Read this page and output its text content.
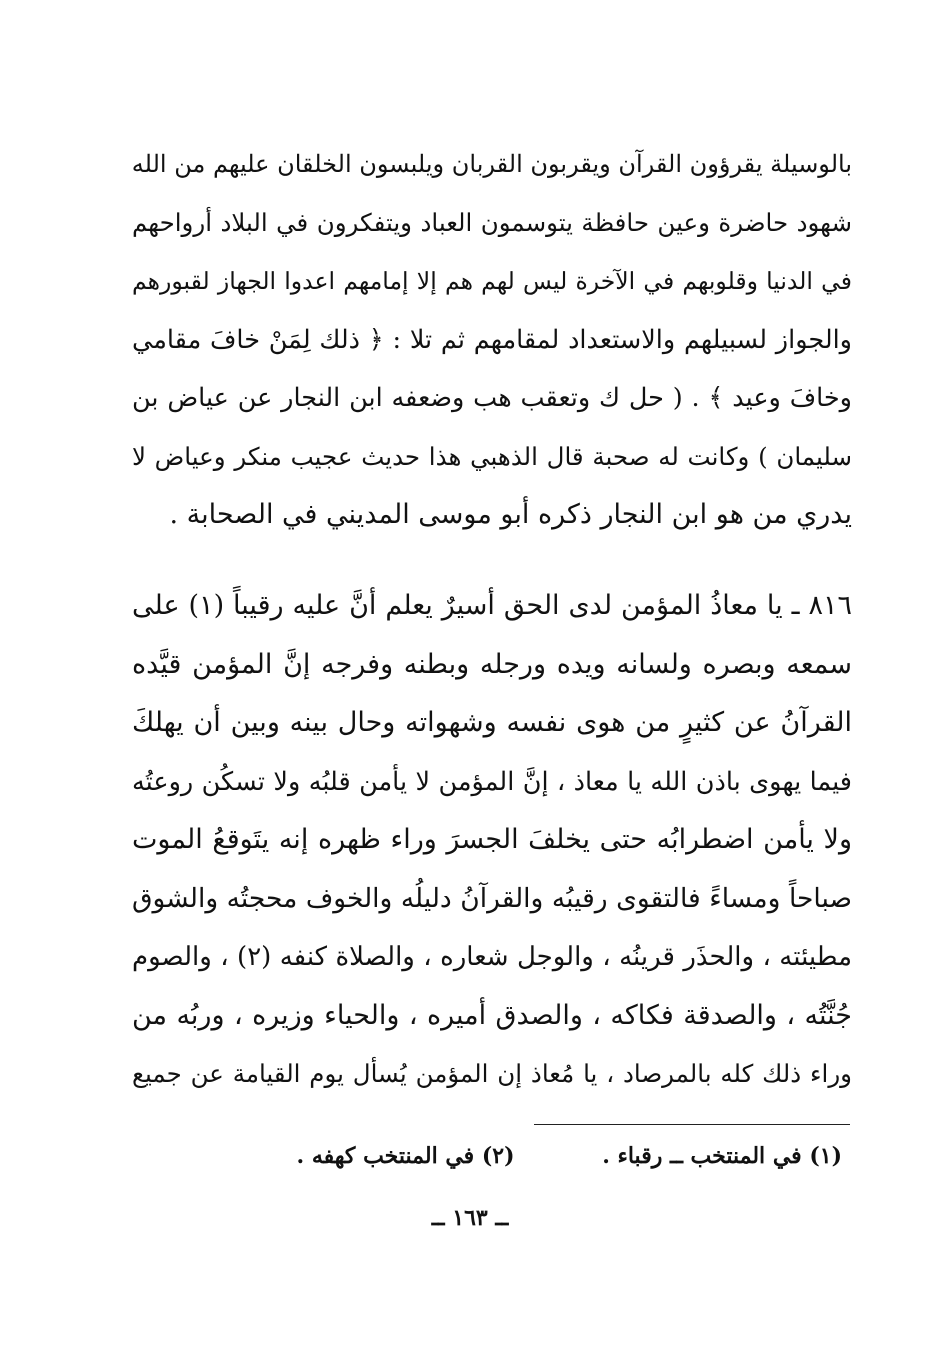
بالوسيلة يقرؤون القرآن ويقربون القربان ويلبسون الخلقان عليهم من الله
شهود حاضرة وعين حافظة يتوسمون العباد ويتفكرون في البلاد أرواحهم
في الدنيا وقلوبهم في الآخرة ليس لهم هم إلا إمامهم اعدوا الجهاز لقبورهم
والجواز لسبيلهم والاستعداد لمقامهم ثم تلا : ﴿ ذلك لِمَنْ خافَ مقامي
وخافَ وعيد ﴾ . ( حل ك وتعقب هب وضعفه ابن النجار عن عياض بن
سليمان ) وكانت له صحبة قال الذهبي هذا حديث عجيب منكر وعياض لا
يدري من هو ابن النجار ذكره أبو موسى المديني في الصحابة .
٨١٦ ـ يا معاذُ المؤمن لدى الحق أسيرٌ يعلم أنَّ عليه رقيباً (١) على
سمعه وبصره ولسانه ويده ورجله وبطنه وفرجه إنَّ المؤمن قيَّده
القرآنُ عن كثيرٍ من هوى نفسه وشهواته وحال بينه وبين أن يهلكَ
فيما يهوى باذن الله يا معاذ ، إنَّ المؤمن لا يأمن قلبُه ولا تسكُن روعتُه
ولا يأمن اضطرابُه حتى يخلفَ الجسرَ وراء ظهره إنه يتَوقعُ الموت
صباحاً ومساءً فالتقوى رقيبُه والقرآنُ دليلُه والخوف محجتُه والشوق
مطيئته ، والحذَر قرينُه ، والوجل شعاره ، والصلاة كنفه (٢) ، والصوم
جُنَّتُه ، والصدقة فكاكه ، والصدق أميره ، والحياء وزيره ، وربُه من
وراء ذلك كله بالمرصاد ، يا مُعاذ إن المؤمن يُسأل يوم القيامة عن جميع
(١) في المنتخب ــ رقباء . (٢) في المنتخب كهفه .
ــ ١٦٣ ــ
